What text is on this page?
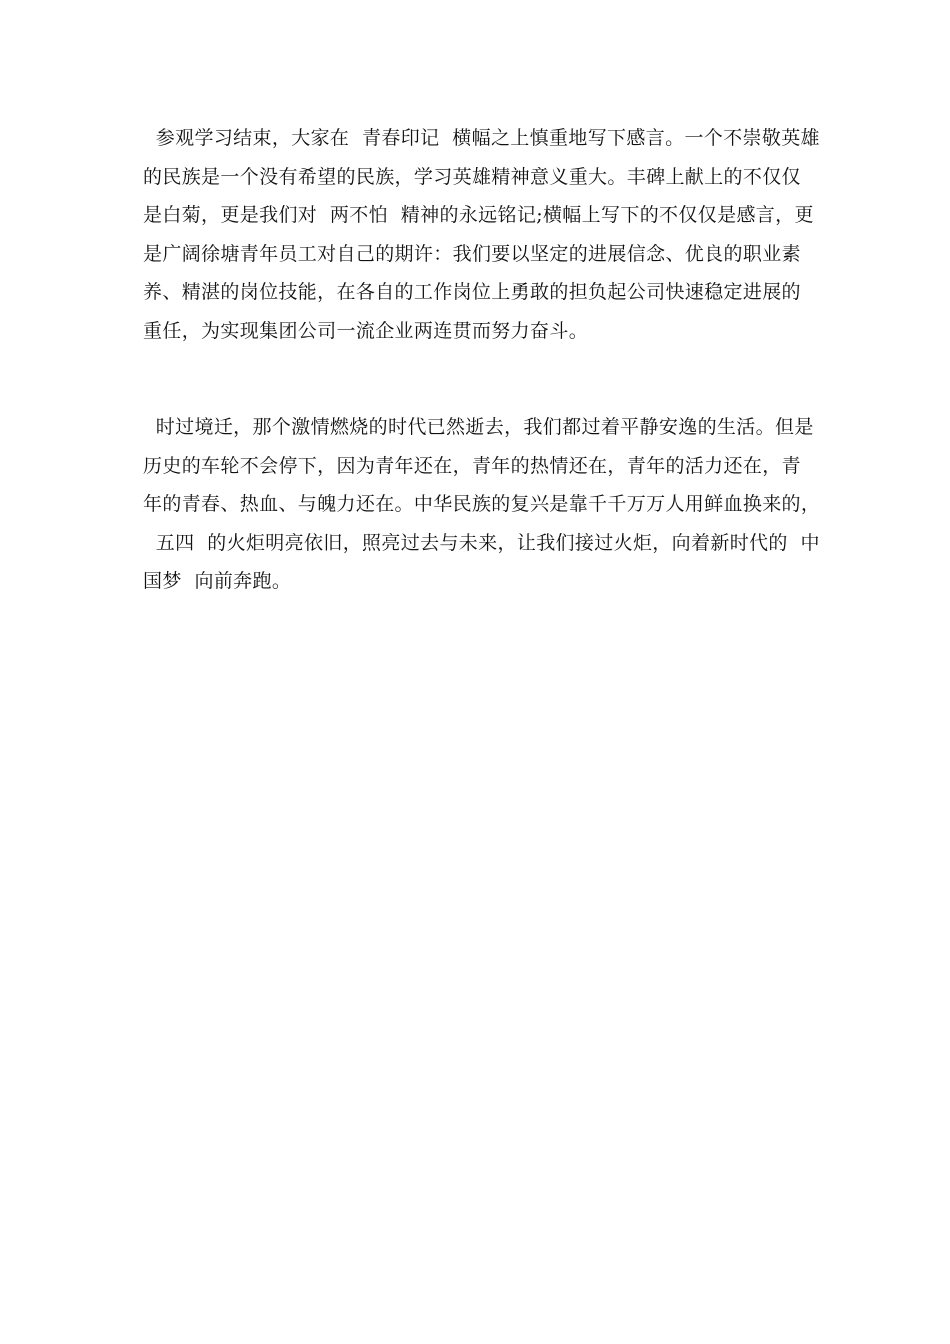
参观学习结束，大家在  青春印记  横幅之上慎重地写下感言。一个不崇敬英雄
的民族是一个没有希望的民族，学习英雄精神意义重大。丰碑上献上的不仅仅
是白菊，更是我们对  两不怕  精神的永远铭记;横幅上写下的不仅仅是感言，更
是广阔徐塘青年员工对自己的期许：我们要以坚定的进展信念、优良的职业素
养、精湛的岗位技能，在各自的工作岗位上勇敢的担负起公司快速稳定进展的
重任，为实现集团公司一流企业两连贯而努力奋斗。
时过境迁，那个激情燃烧的时代已然逝去，我们都过着平静安逸的生活。但是
历史的车轮不会停下，因为青年还在，青年的热情还在，青年的活力还在，青
年的青春、热血、与魄力还在。中华民族的复兴是靠千千万万人用鲜血换来的，
五四  的火炬明亮依旧，照亮过去与未来，让我们接过火炬，向着新时代的  中
国梦  向前奔跑。
